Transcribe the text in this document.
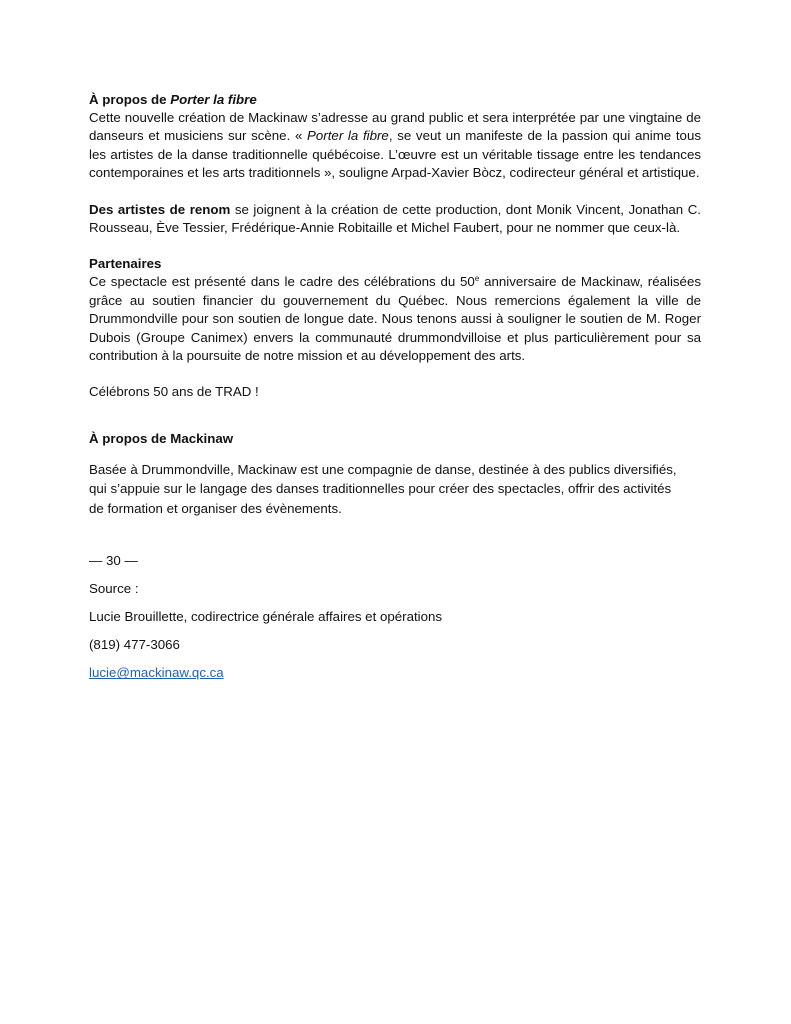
À propos de Porter la fibre

Cette nouvelle création de Mackinaw s’adresse au grand public et sera interprétée par une vingtaine de danseurs et musiciens sur scène. « Porter la fibre, se veut un manifeste de la passion qui anime tous les artistes de la danse traditionnelle québécoise. L’œuvre est un véritable tissage entre les tendances contemporaines et les arts traditionnels », souligne Arpad-Xavier Bòcz, codirecteur général et artistique.

Des artistes de renom se joignent à la création de cette production, dont Monik Vincent, Jonathan C. Rousseau, Ève Tessier, Frédérique-Annie Robitaille et Michel Faubert, pour ne nommer que ceux-là.

Partenaires

Ce spectacle est présenté dans le cadre des célébrations du 50e anniversaire de Mackinaw, réalisées grâce au soutien financier du gouvernement du Québec. Nous remercions également la ville de Drummondville pour son soutien de longue date. Nous tenons aussi à souligner le soutien de M. Roger Dubois (Groupe Canimex) envers la communauté drummondvilloise et plus particulièrement pour sa contribution à la poursuite de notre mission et au développement des arts.

Célébrons 50 ans de TRAD !

À propos de Mackinaw

Basée à Drummondville, Mackinaw est une compagnie de danse, destinée à des publics diversifiés, qui s’appuie sur le langage des danses traditionnelles pour créer des spectacles, offrir des activités de formation et organiser des évènements.

— 30 —
Source :
Lucie Brouillette, codirectrice générale affaires et opérations
(819) 477-3066
lucie@mackinaw.qc.ca
